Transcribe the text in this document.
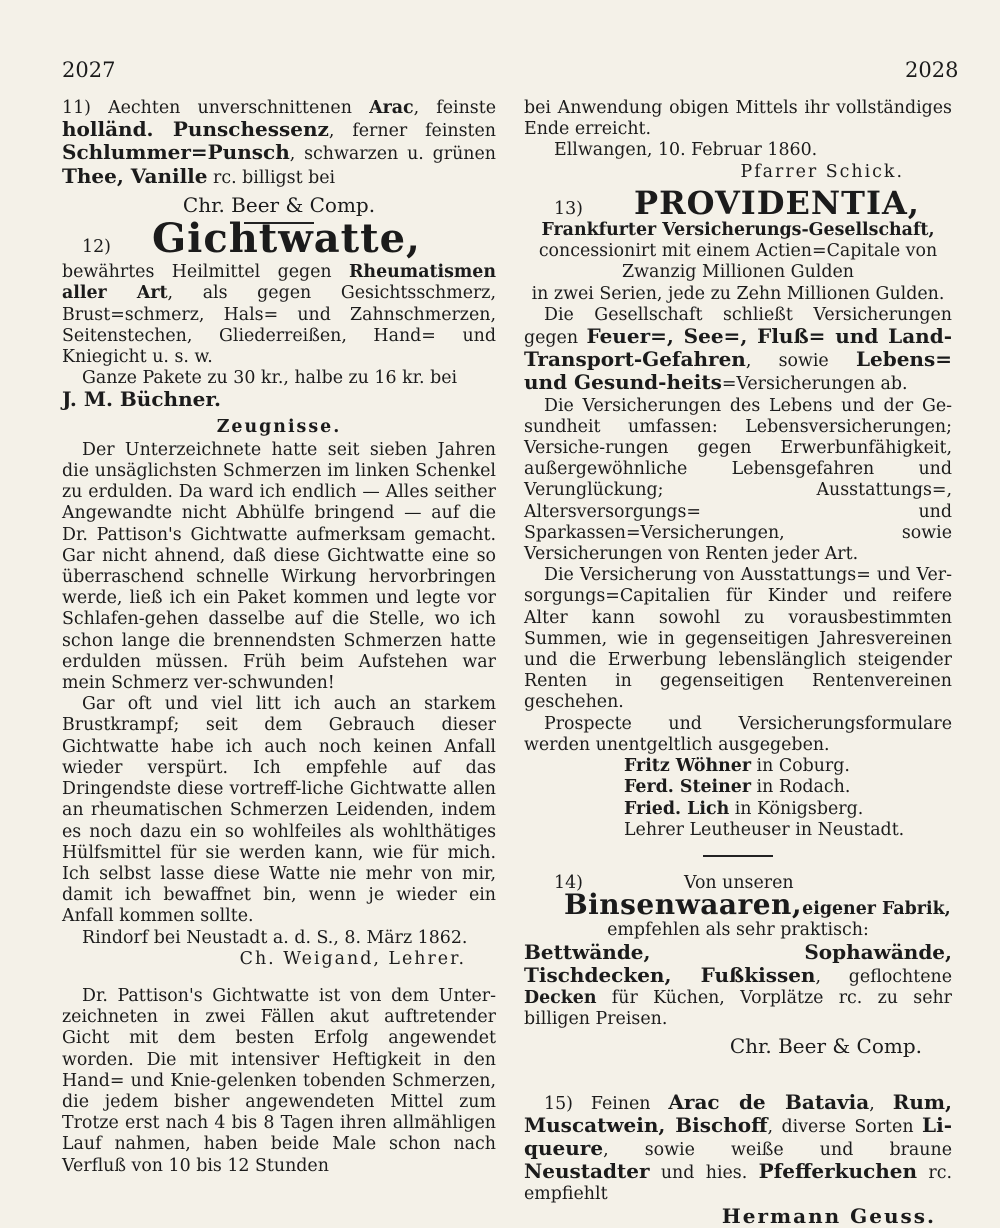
2027	2028

11) Aechten unverschnittenen Arac, feinste holländ. Punschessenz, ferner feinsten Schlummer=Punsch, schwarzen u. grünen Thee, Vanille rc. billigst bei

Chr. Beer & Comp.

12)	Gichtwatte,

bewährtes Heilmittel gegen Rheumatismen aller Art, als gegen Gesichtsschmerz, Brust=schmerz, Hals= und Zahnschmerzen, Seitenstechen, Gliederreißen, Hand= und Kniegicht u. s. w.

Ganze Pakete zu 30 kr., halbe zu 16 kr. bei

J. M. Büchner.

Zeugnisse.

Der Unterzeichnete hatte seit sieben Jahren die unsäglichsten Schmerzen im linken Schenkel zu erdulden. Da ward ich endlich — Alles seither Angewandte nicht Abhülfe bringend — auf die Dr. Pattison's Gichtwatte aufmerksam gemacht. Gar nicht ahnend, daß diese Gichtwatte eine so überraschend schnelle Wirkung hervorbringen werde, ließ ich ein Paket kommen und legte vor Schlafen-gehen dasselbe auf die Stelle, wo ich schon lange die brennendsten Schmerzen hatte erdulden müssen. Früh beim Aufstehen war mein Schmerz ver-schwunden!

Gar oft und viel litt ich auch an starkem Brustkrampf; seit dem Gebrauch dieser Gichtwatte habe ich auch noch keinen Anfall wieder verspürt. Ich empfehle auf das Dringendste diese vortreff-liche Gichtwatte allen an rheumatischen Schmerzen Leidenden, indem es noch dazu ein so wohlfeiles als wohlthätiges Hülfsmittel für sie werden kann, wie für mich. Ich selbst lasse diese Watte nie mehr von mir, damit ich bewaffnet bin, wenn je wieder ein Anfall kommen sollte.

Rindorf bei Neustadt a. d. S., 8. März 1862.

Ch. Weigand, Lehrer.

Dr. Pattison's Gichtwatte ist von dem Unter-zeichneten in zwei Fällen akut auftretender Gicht mit dem besten Erfolg angewendet worden. Die mit intensiver Heftigkeit in den Hand= und Knie-gelenken tobenden Schmerzen, die jedem bisher angewendeten Mittel zum Trotze erst nach 4 bis 8 Tagen ihren allmähligen Lauf nahmen, haben beide Male schon nach Verfluß von 10 bis 12 Stunden

bei Anwendung obigen Mittels ihr vollständiges Ende erreicht.

Ellwangen, 10. Februar 1860.

Pfarrer Schick.

13)	PROVIDENTIA,

Frankfurter Versicherungs-Gesellschaft,

concessionirt mit einem Actien=Capitale von

Zwanzig Millionen Gulden

in zwei Serien, jede zu Zehn Millionen Gulden.

Die Gesellschaft schließt Versicherungen gegen Feuer=, See=, Fluß= und Land-Transport-Gefahren, sowie Lebens= und Gesund-heits=Versicherungen ab.

Die Versicherungen des Lebens und der Ge-sundheit umfassen: Lebensversicherungen; Versiche-rungen gegen Erwerbunfähigkeit, außergewöhnliche Lebensgefahren und Verunglückung; Ausstattungs=, Altersversorgungs= und Sparkassen=Versicherungen, sowie Versicherungen von Renten jeder Art.

Die Versicherung von Ausstattungs= und Ver-sorgungs=Capitalien für Kinder und reifere Alter kann sowohl zu vorausbestimmten Summen, wie in gegenseitigen Jahresvereinen und die Erwerbung lebenslänglich steigender Renten in gegenseitigen Rentenvereinen geschehen.

Prospecte und Versicherungsformulare werden unentgeltlich ausgegeben.

Fritz Wöhner in Coburg.

Ferd. Steiner in Rodach.

Fried. Lich in Königsberg.

Lehrer Leutheuser in Neustadt.

14)	Von unseren
Binsenwaaren, eigener Fabrik,

empfehlen als sehr praktisch:

Bettwände, Sophawände, Tischdecken, Fußkissen, geflochtene Decken für Küchen, Vorplätze rc. zu sehr billigen Preisen.

Chr. Beer & Comp.

15) Feinen Arac de Batavia, Rum, Muscatwein, Bischoff, diverse Sorten Li-queure, sowie weiße und braune Neustadter und hies. Pfefferkuchen rc. empfiehlt

Hermann Geuss.
